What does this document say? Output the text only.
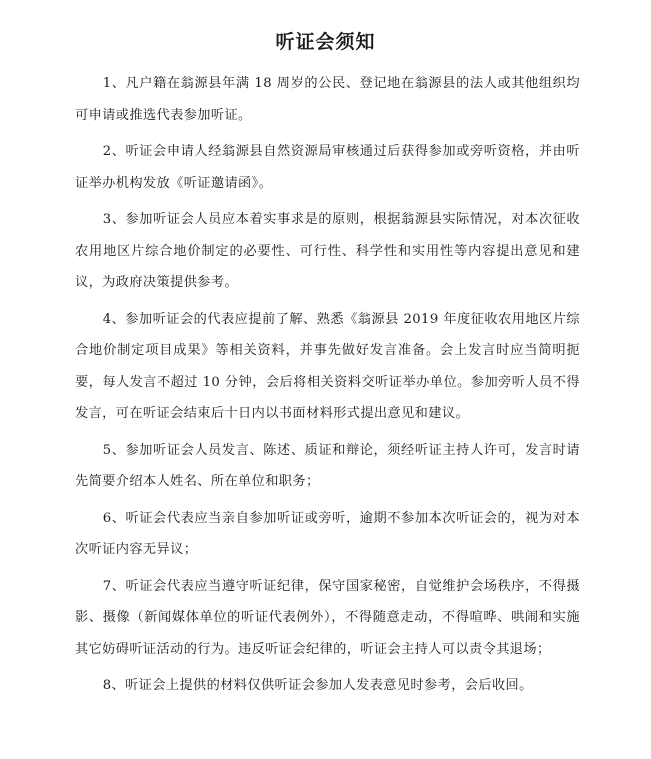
听证会须知

1、凡户籍在翁源县年满 18 周岁的公民、登记地在翁源县的法人或其他组织均可申请或推选代表参加听证。

2、听证会申请人经翁源县自然资源局审核通过后获得参加或旁听资格，并由听证举办机构发放《听证邀请函》。

3、参加听证会人员应本着实事求是的原则，根据翁源县实际情况，对本次征收农用地区片综合地价制定的必要性、可行性、科学性和实用性等内容提出意见和建议，为政府决策提供参考。

4、参加听证会的代表应提前了解、熟悉《翁源县 2019 年度征收农用地区片综合地价制定项目成果》等相关资料，并事先做好发言准备。会上发言时应当简明扼要，每人发言不超过 10 分钟，会后将相关资料交听证举办单位。参加旁听人员不得发言，可在听证会结束后十日内以书面材料形式提出意见和建议。

5、参加听证会人员发言、陈述、质证和辩论，须经听证主持人许可，发言时请先简要介绍本人姓名、所在单位和职务；

6、听证会代表应当亲自参加听证或旁听，逾期不参加本次听证会的，视为对本次听证内容无异议；

7、听证会代表应当遵守听证纪律，保守国家秘密，自觉维护会场秩序，不得摄影、摄像（新闻媒体单位的听证代表例外），不得随意走动，不得喧哗、哄闹和实施其它妨碍听证活动的行为。违反听证会纪律的，听证会主持人可以责令其退场；

8、听证会上提供的材料仅供听证会参加人发表意见时参考，会后收回。
